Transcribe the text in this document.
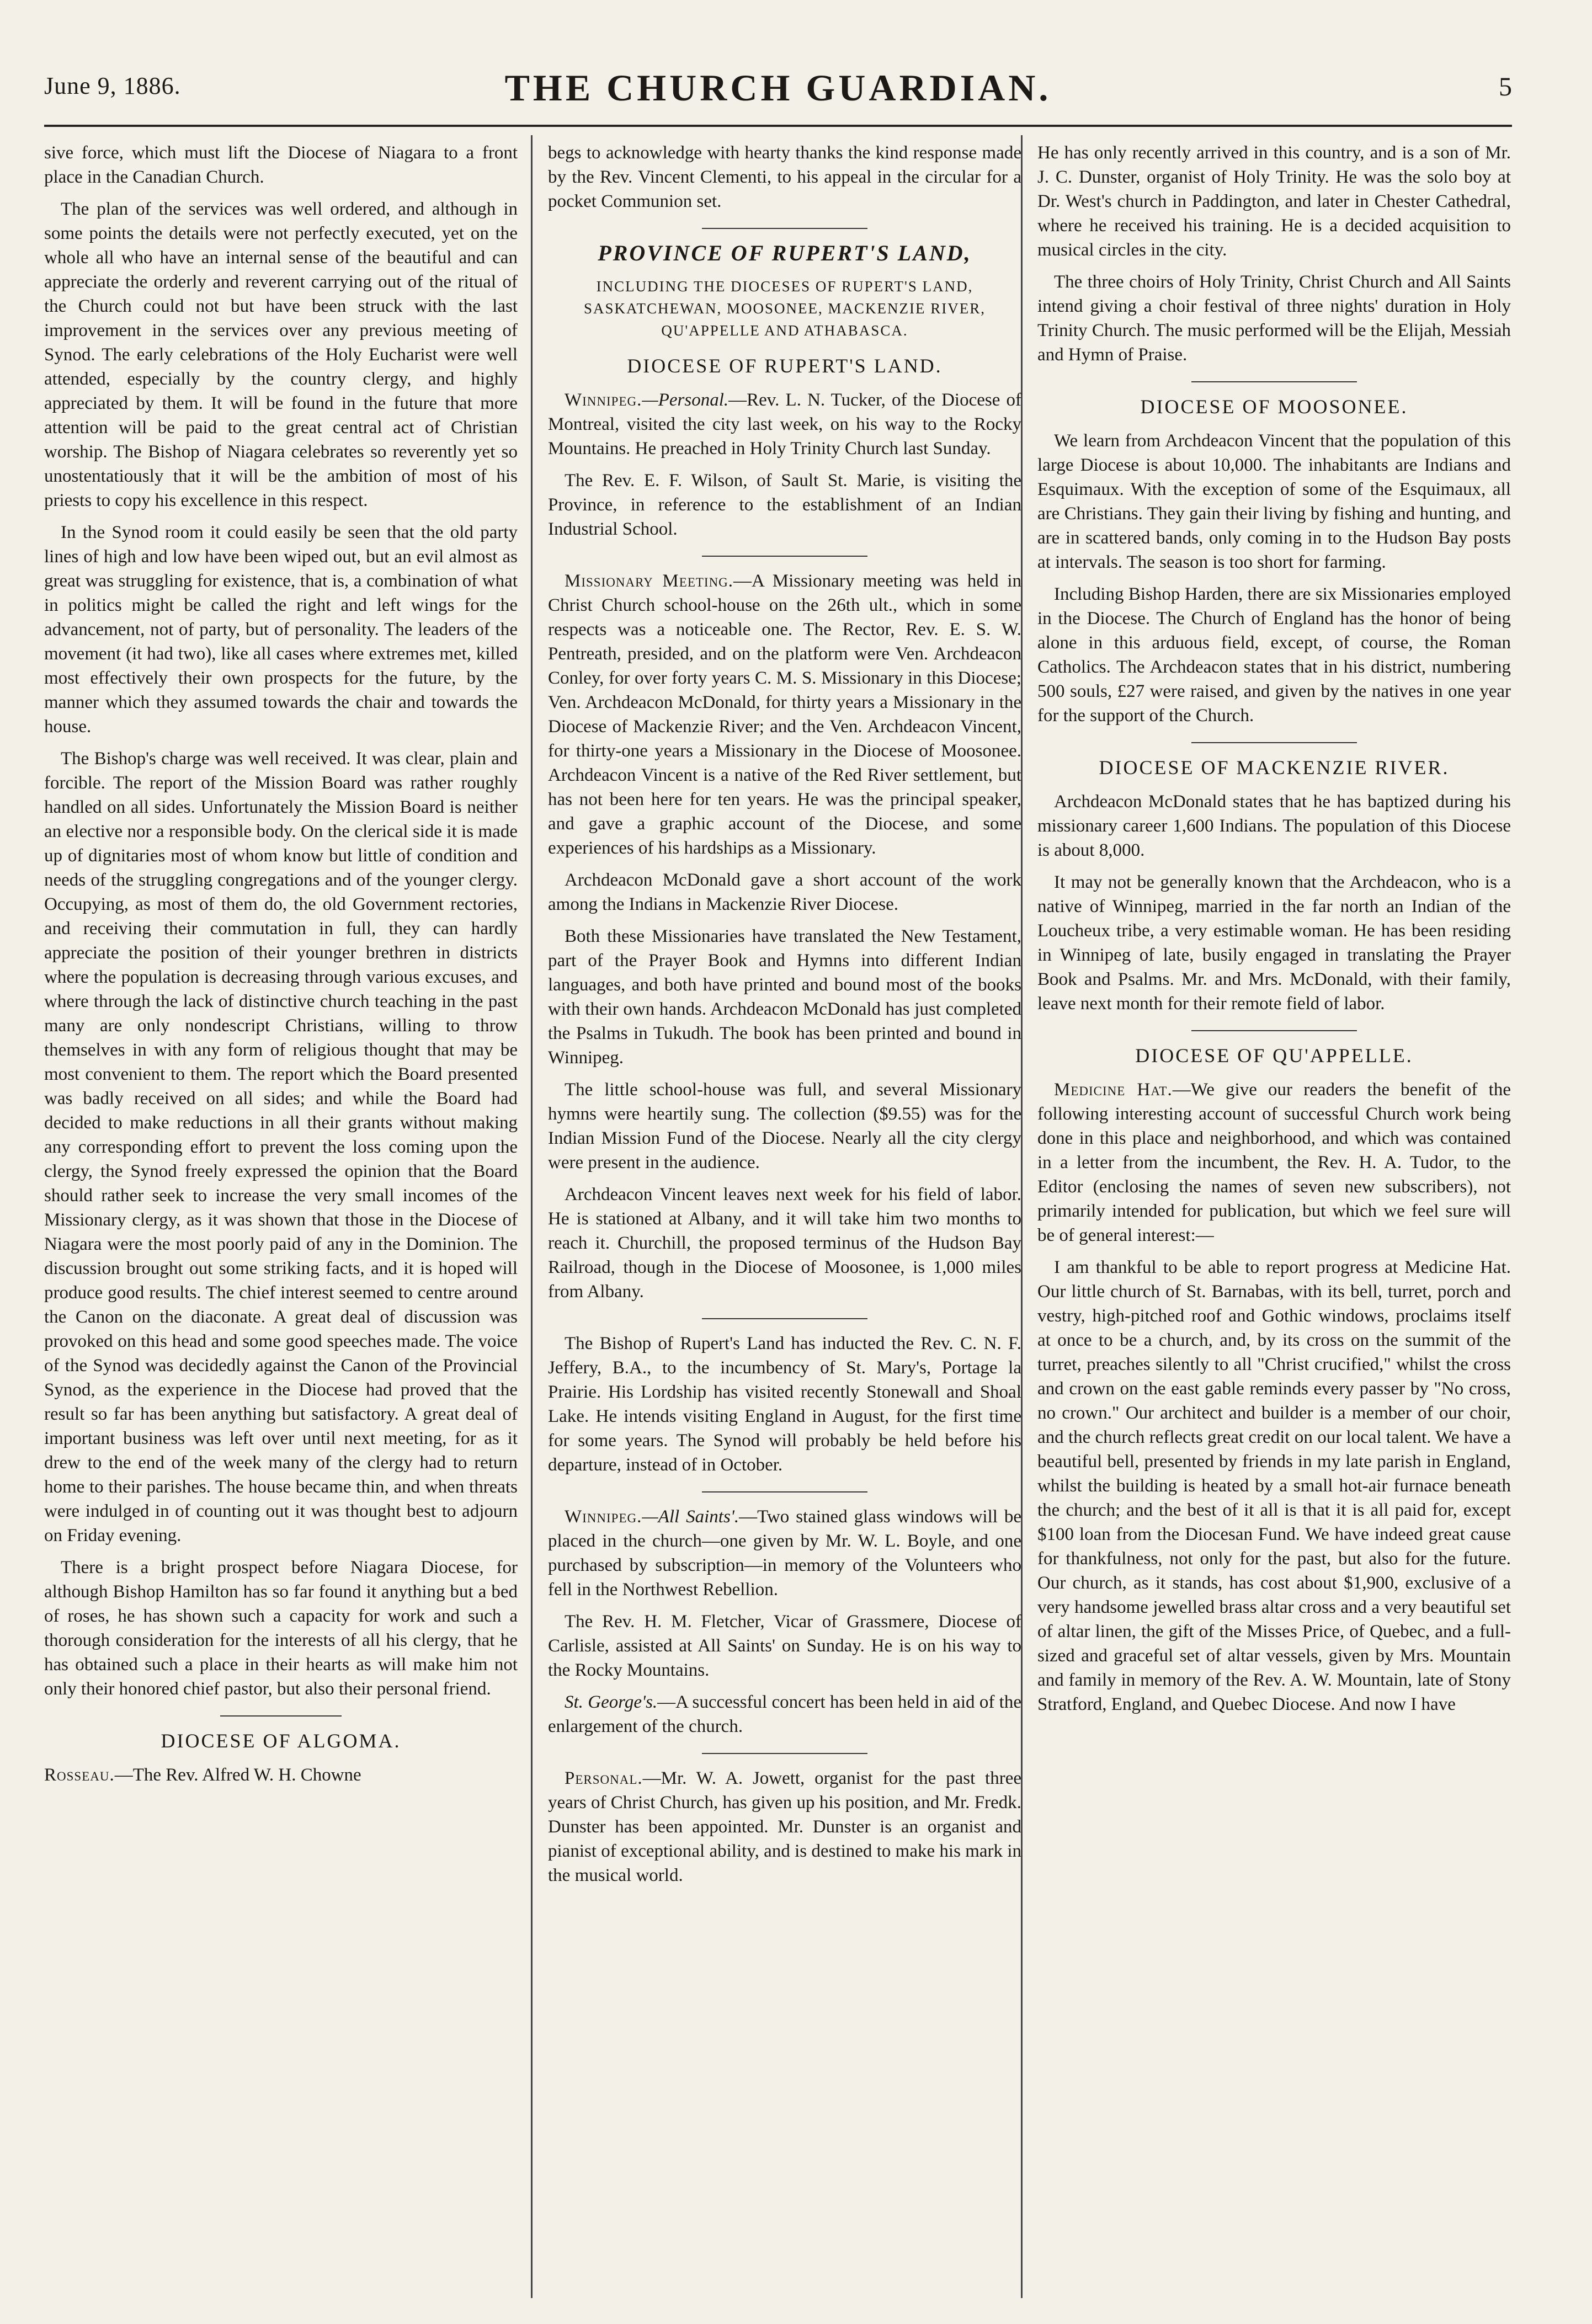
June 9, 1886.	THE CHURCH GUARDIAN.	5

sive force, which must lift the Diocese of Niagara to a front place in the Canadian Church.

The plan of the services was well ordered, and although in some points the details were not perfectly executed, yet on the whole all who have an internal sense of the beautiful and can appreciate the orderly and reverent carrying out of the ritual of the Church could not but have been struck with the last improvement in the services over any previous meeting of Synod. The early celebrations of the Holy Eucharist were well attended, especially by the country clergy, and highly appreciated by them. It will be found in the future that more attention will be paid to the great central act of Christian worship. The Bishop of Niagara celebrates so reverently yet so unostentatiously that it will be the ambition of most of his priests to copy his excellence in this respect.

In the Synod room it could easily be seen that the old party lines of high and low have been wiped out, but an evil almost as great was struggling for existence, that is, a combination of what in politics might be called the right and left wings for the advancement, not of party, but of personality. The leaders of the movement (it had two), like all cases where extremes met, killed most effectively their own prospects for the future, by the manner which they assumed towards the chair and towards the house.

The Bishop's charge was well received. It was clear, plain and forcible. The report of the Mission Board was rather roughly handled on all sides. Unfortunately the Mission Board is neither an elective nor a responsible body. On the clerical side it is made up of dignitaries most of whom know but little of condition and needs of the struggling congregations and of the younger clergy. Occupying, as most of them do, the old Government rectories, and receiving their commutation in full, they can hardly appreciate the position of their younger brethren in districts where the population is decreasing through various excuses, and where through the lack of distinctive church teaching in the past many are only nondescript Christians, willing to throw themselves in with any form of religious thought that may be most convenient to them. The report which the Board presented was badly received on all sides; and while the Board had decided to make reductions in all their grants without making any corresponding effort to prevent the loss coming upon the clergy, the Synod freely expressed the opinion that the Board should rather seek to increase the very small incomes of the Missionary clergy, as it was shown that those in the Diocese of Niagara were the most poorly paid of any in the Dominion. The discussion brought out some striking facts, and it is hoped will produce good results. The chief interest seemed to centre around the Canon on the diaconate. A great deal of discussion was provoked on this head and some good speeches made. The voice of the Synod was decidedly against the Canon of the Provincial Synod, as the experience in the Diocese had proved that the result so far has been anything but satisfactory. A great deal of important business was left over until next meeting, for as it drew to the end of the week many of the clergy had to return home to their parishes. The house became thin, and when threats were indulged in of counting out it was thought best to adjourn on Friday evening.

There is a bright prospect before Niagara Diocese, for although Bishop Hamilton has so far found it anything but a bed of roses, he has shown such a capacity for work and such a thorough consideration for the interests of all his clergy, that he has obtained such a place in their hearts as will make him not only their honored chief pastor, but also their personal friend.

DIOCESE OF ALGOMA.

Rosseau.—The Rev. Alfred W. H. Chowne

begs to acknowledge with hearty thanks the kind response made by the Rev. Vincent Clementi, to his appeal in the circular for a pocket Communion set.

PROVINCE OF RUPERT'S LAND,
INCLUDING THE DIOCESES OF RUPERT'S LAND, SASKATCHEWAN, MOOSONEE, MACKENZIE RIVER, QU'APPELLE AND ATHABASCA.
DIOCESE OF RUPERT'S LAND.

Winnipeg.—Personal.—Rev. L. N. Tucker, of the Diocese of Montreal, visited the city last week, on his way to the Rocky Mountains. He preached in Holy Trinity Church last Sunday.

The Rev. E. F. Wilson, of Sault St. Marie, is visiting the Province, in reference to the establishment of an Indian Industrial School.

Missionary Meeting.—A Missionary meeting was held in Christ Church school-house on the 26th ult., which in some respects was a noticeable one. The Rector, Rev. E. S. W. Pentreath, presided, and on the platform were Ven. Archdeacon Conley, for over forty years C. M. S. Missionary in this Diocese; Ven. Archdeacon McDonald, for thirty years a Missionary in the Diocese of Mackenzie River; and the Ven. Archdeacon Vincent, for thirty-one years a Missionary in the Diocese of Moosonee. Archdeacon Vincent is a native of the Red River settlement, but has not been here for ten years. He was the principal speaker, and gave a graphic account of the Diocese, and some experiences of his hardships as a Missionary.

Archdeacon McDonald gave a short account of the work among the Indians in Mackenzie River Diocese.

Both these Missionaries have translated the New Testament, part of the Prayer Book and Hymns into different Indian languages, and both have printed and bound most of the books with their own hands. Archdeacon McDonald has just completed the Psalms in Tukudh. The book has been printed and bound in Winnipeg.

The little school-house was full, and several Missionary hymns were heartily sung. The collection ($9.55) was for the Indian Mission Fund of the Diocese. Nearly all the city clergy were present in the audience.

Archdeacon Vincent leaves next week for his field of labor. He is stationed at Albany, and it will take him two months to reach it. Churchill, the proposed terminus of the Hudson Bay Railroad, though in the Diocese of Moosonee, is 1,000 miles from Albany.

The Bishop of Rupert's Land has inducted the Rev. C. N. F. Jeffery, B.A., to the incumbency of St. Mary's, Portage la Prairie. His Lordship has visited recently Stonewall and Shoal Lake. He intends visiting England in August, for the first time for some years. The Synod will probably be held before his departure, instead of in October.

Winnipeg.—All Saints'.—Two stained glass windows will be placed in the church—one given by Mr. W. L. Boyle, and one purchased by subscription—in memory of the Volunteers who fell in the Northwest Rebellion.

The Rev. H. M. Fletcher, Vicar of Grassmere, Diocese of Carlisle, assisted at All Saints' on Sunday. He is on his way to the Rocky Mountains.

St. George's.—A successful concert has been held in aid of the enlargement of the church.

Personal.—Mr. W. A. Jowett, organist for the past three years of Christ Church, has given up his position, and Mr. Fredk. Dunster has been appointed. Mr. Dunster is an organist and pianist of exceptional ability, and is destined to make his mark in the musical world.

He has only recently arrived in this country, and is a son of Mr. J. C. Dunster, organist of Holy Trinity. He was the solo boy at Dr. West's church in Paddington, and later in Chester Cathedral, where he received his training. He is a decided acquisition to musical circles in the city.

The three choirs of Holy Trinity, Christ Church and All Saints intend giving a choir festival of three nights' duration in Holy Trinity Church. The music performed will be the Elijah, Messiah and Hymn of Praise.

DIOCESE OF MOOSONEE.

We learn from Archdeacon Vincent that the population of this large Diocese is about 10,000. The inhabitants are Indians and Esquimaux. With the exception of some of the Esquimaux, all are Christians. They gain their living by fishing and hunting, and are in scattered bands, only coming in to the Hudson Bay posts at intervals. The season is too short for farming.

Including Bishop Harden, there are six Missionaries employed in the Diocese. The Church of England has the honor of being alone in this arduous field, except, of course, the Roman Catholics. The Archdeacon states that in his district, numbering 500 souls, £27 were raised, and given by the natives in one year for the support of the Church.

DIOCESE OF MACKENZIE RIVER.

Archdeacon McDonald states that he has baptized during his missionary career 1,600 Indians. The population of this Diocese is about 8,000.

It may not be generally known that the Archdeacon, who is a native of Winnipeg, married in the far north an Indian of the Loucheux tribe, a very estimable woman. He has been residing in Winnipeg of late, busily engaged in translating the Prayer Book and Psalms. Mr. and Mrs. McDonald, with their family, leave next month for their remote field of labor.

DIOCESE OF QU'APPELLE.

Medicine Hat.—We give our readers the benefit of the following interesting account of successful Church work being done in this place and neighborhood, and which was contained in a letter from the incumbent, the Rev. H. A. Tudor, to the Editor (enclosing the names of seven new subscribers), not primarily intended for publication, but which we feel sure will be of general interest:—

I am thankful to be able to report progress at Medicine Hat. Our little church of St. Barnabas, with its bell, turret, porch and vestry, high-pitched roof and Gothic windows, proclaims itself at once to be a church, and, by its cross on the summit of the turret, preaches silently to all "Christ crucified," whilst the cross and crown on the east gable reminds every passer by "No cross, no crown." Our architect and builder is a member of our choir, and the church reflects great credit on our local talent. We have a beautiful bell, presented by friends in my late parish in England, whilst the building is heated by a small hot-air furnace beneath the church; and the best of it all is that it is all paid for, except $100 loan from the Diocesan Fund. We have indeed great cause for thankfulness, not only for the past, but also for the future. Our church, as it stands, has cost about $1,900, exclusive of a very handsome jewelled brass altar cross and a very beautiful set of altar linen, the gift of the Misses Price, of Quebec, and a full-sized and graceful set of altar vessels, given by Mrs. Mountain and family in memory of the Rev. A. W. Mountain, late of Stony Stratford, England, and Quebec Diocese. And now I have
